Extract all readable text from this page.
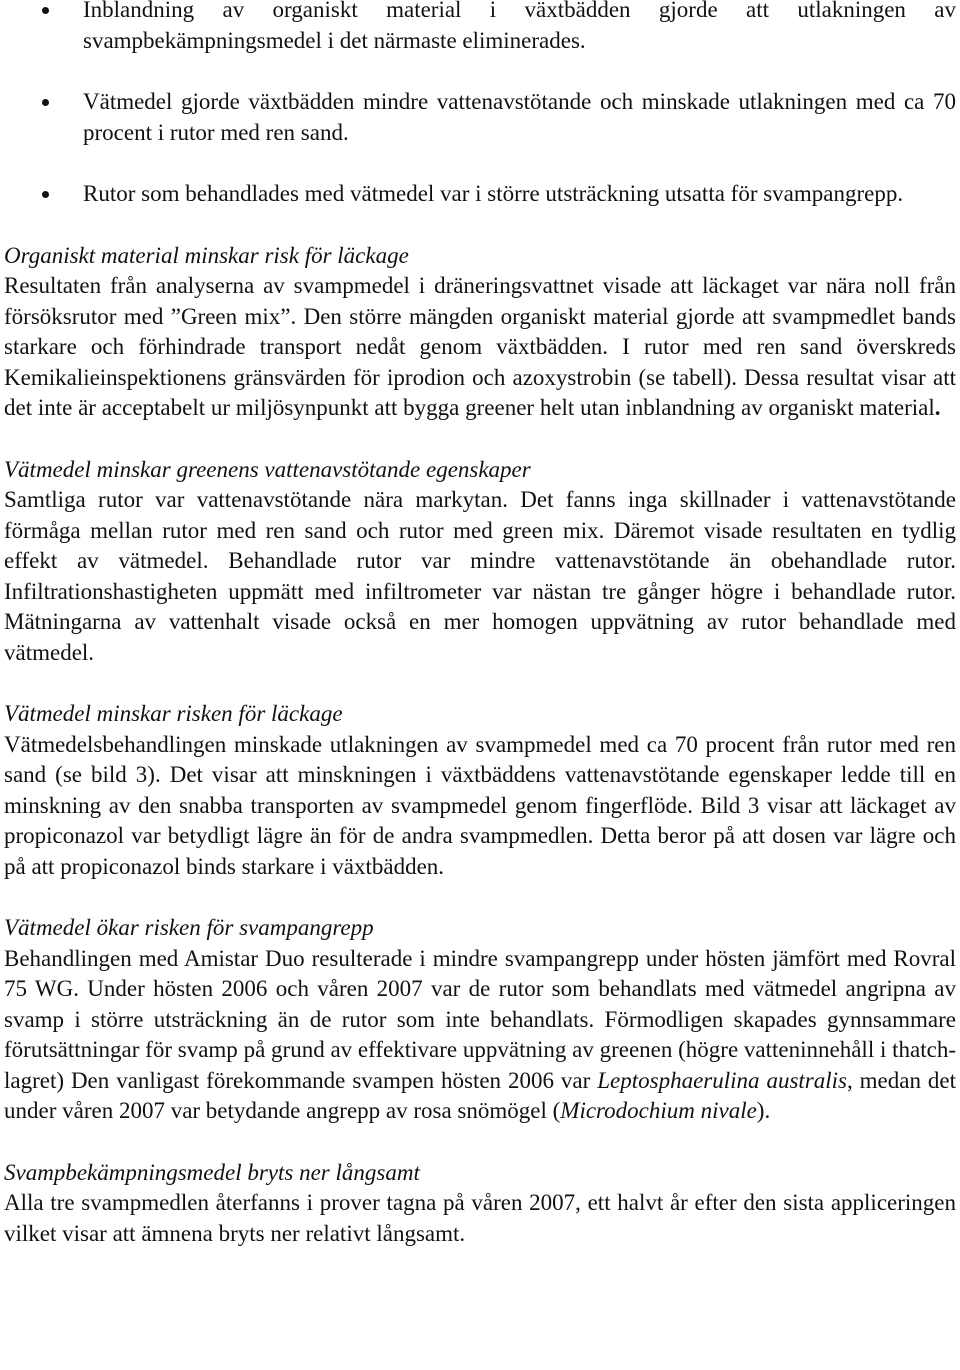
Inblandning av organiskt material i växtbädden gjorde att utlakningen av svampbekämpningsmedel i det närmaste eliminerades.
Vätmedel gjorde växtbädden mindre vattenavstötande och minskade utlakningen med ca 70 procent i rutor med ren sand.
Rutor som behandlades med vätmedel var i större utsträckning utsatta för svampangrepp.

Organiskt material minskar risk för läckage

Resultaten från analyserna av svampmedel i dräneringsvattnet visade att läckaget var nära noll från försöksrutor med ”Green mix”. Den större mängden organiskt material gjorde att svampmedlet bands starkare och förhindrade transport nedåt genom växtbädden. I rutor med ren sand överskreds Kemikalieinspektionens gränsvärden för iprodion och azoxystrobin (se tabell). Dessa resultat visar att det inte är acceptabelt ur miljösynpunkt att bygga greener helt utan inblandning av organiskt material.

Vätmedel minskar greenens vattenavstötande egenskaper

Samtliga rutor var vattenavstötande nära markytan. Det fanns inga skillnader i vattenavstötande förmåga mellan rutor med ren sand och rutor med green mix. Däremot visade resultaten en tydlig effekt av vätmedel. Behandlade rutor var mindre vattenavstötande än obehandlade rutor. Infiltrationshastigheten uppmätt med infiltrometer var nästan tre gånger högre i behandlade rutor. Mätningarna av vattenhalt visade också en mer homogen uppvätning av rutor behandlade med vätmedel.

Vätmedel minskar risken för läckage

Vätmedelsbehandlingen minskade utlakningen av svampmedel med ca 70 procent från rutor med ren sand (se bild 3). Det visar att minskningen i växtbäddens vattenavstötande egenskaper ledde till en minskning av den snabba transporten av svampmedel genom fingerflöde. Bild 3 visar att läckaget av propiconazol var betydligt lägre än för de andra svampmedlen. Detta beror på att dosen var lägre och på att propiconazol binds starkare i växtbädden.

Vätmedel ökar risken för svampangrepp

Behandlingen med Amistar Duo resulterade i mindre svampangrepp under hösten jämfört med Rovral 75 WG. Under hösten 2006 och våren 2007 var de rutor som behandlats med vätmedel angripna av svamp i större utsträckning än de rutor som inte behandlats. Förmodligen skapades gynnsammare förutsättningar för svamp på grund av effektivare uppvätning av greenen (högre vatteninnehåll i thatch-lagret) Den vanligast förekommande svampen hösten 2006 var Leptosphaerulina australis, medan det under våren 2007 var betydande angrepp av rosa snömögel (Microdochium nivale).

Svampbekämpningsmedel bryts ner långsamt

Alla tre svampmedlen återfanns i prover tagna på våren 2007, ett halvt år efter den sista appliceringen vilket visar att ämnena bryts ner relativt långsamt.
